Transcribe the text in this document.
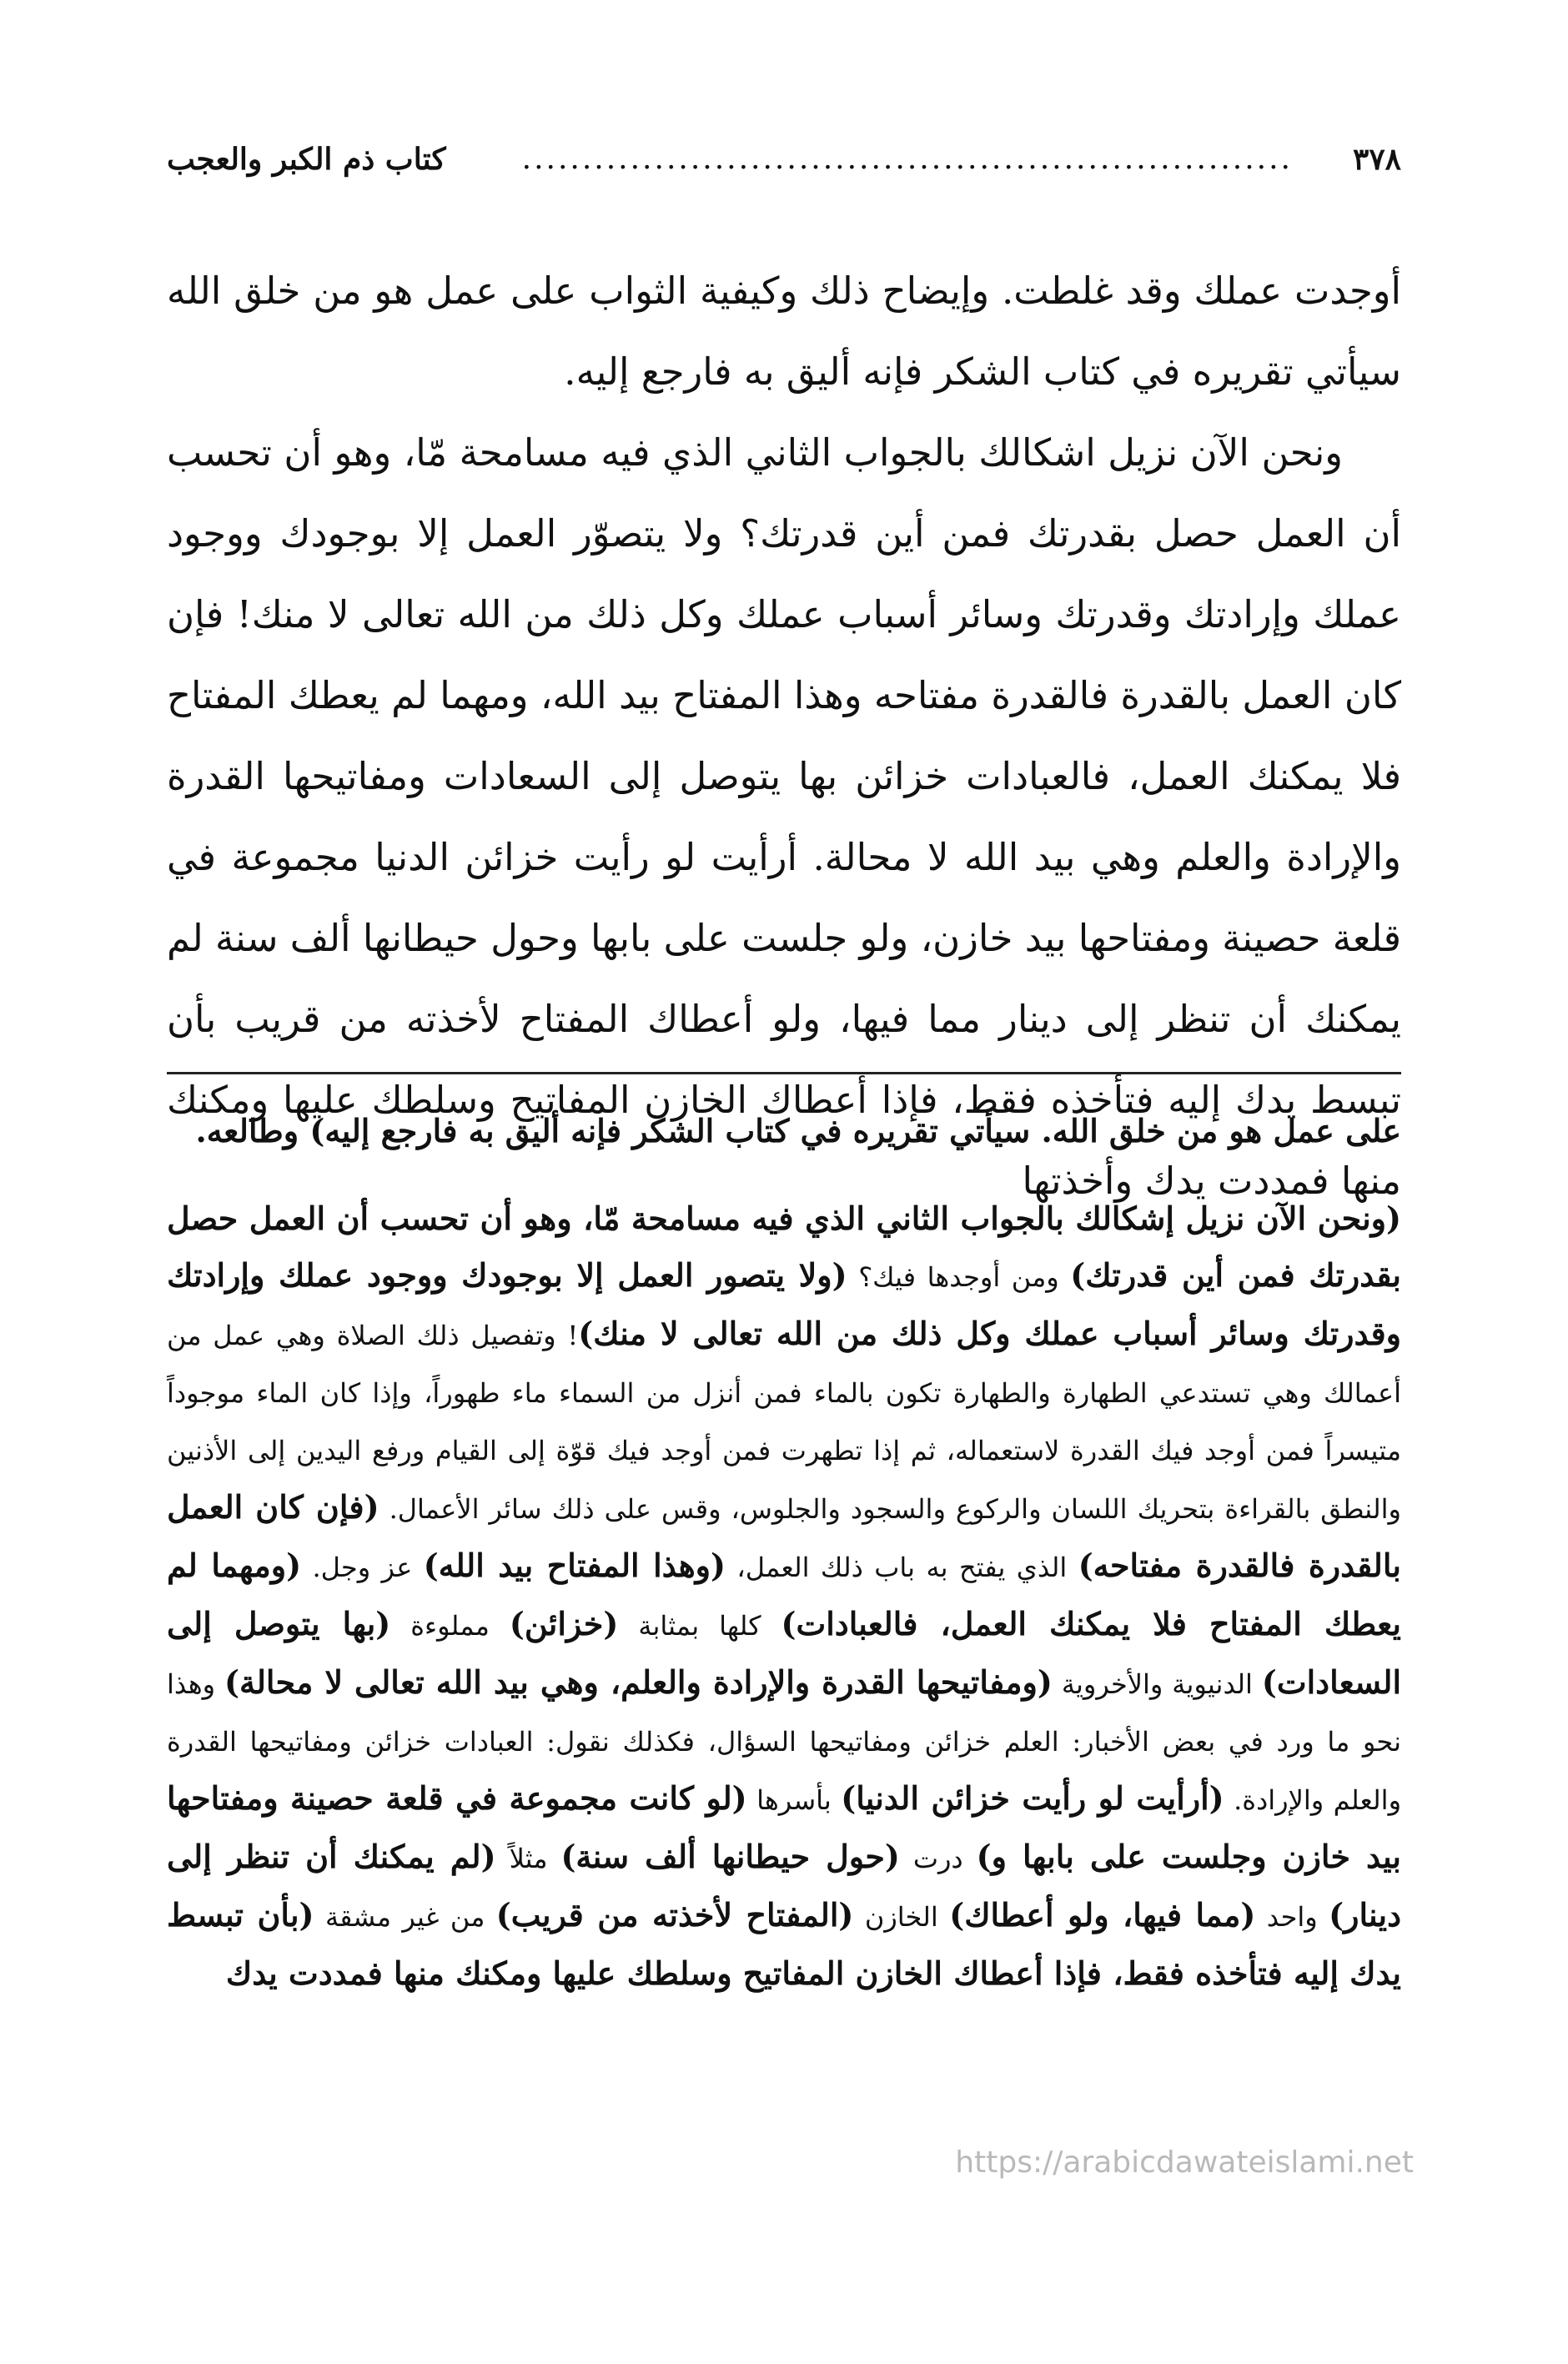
٣٧٨
................................................................
كتاب ذم الكبر والعجب

أوجدت عملك وقد غلطت. وإيضاح ذلك وكيفية الثواب على عمل هو من خلق الله سيأتي تقريره في كتاب الشكر فإنه أليق به فارجع إليه.

ونحن الآن نزيل اشكالك بالجواب الثاني الذي فيه مسامحة مّا، وهو أن تحسب أن العمل حصل بقدرتك فمن أين قدرتك؟ ولا يتصوّر العمل إلا بوجودك ووجود عملك وإرادتك وقدرتك وسائر أسباب عملك وكل ذلك من الله تعالى لا منك! فإن كان العمل بالقدرة فالقدرة مفتاحه وهذا المفتاح بيد الله، ومهما لم يعطك المفتاح فلا يمكنك العمل، فالعبادات خزائن بها يتوصل إلى السعادات ومفاتيحها القدرة والإرادة والعلم وهي بيد الله لا محالة. أرأيت لو رأيت خزائن الدنيا مجموعة في قلعة حصينة ومفتاحها بيد خازن، ولو جلست على بابها وحول حيطانها ألف سنة لم يمكنك أن تنظر إلى دينار مما فيها، ولو أعطاك المفتاح لأخذته من قريب بأن تبسط يدك إليه فتأخذه فقط، فإذا أعطاك الخازن المفاتيح وسلطك عليها ومكنك منها فمددت يدك وأخذتها

على عمل هو من خلق الله. سيأتي تقريره في كتاب الشكر فإنه أليق به فارجع إليه) وطالعه.

(ونحن الآن نزيل إشكالك بالجواب الثاني الذي فيه مسامحة مّا، وهو أن تحسب أن العمل حصل بقدرتك فمن أين قدرتك) ومن أوجدها فيك؟ (ولا يتصور العمل إلا بوجودك ووجود عملك وإرادتك وقدرتك وسائر أسباب عملك وكل ذلك من الله تعالى لا منك)! وتفصيل ذلك الصلاة وهي عمل من أعمالك وهي تستدعي الطهارة والطهارة تكون بالماء فمن أنزل من السماء ماء طهوراً، وإذا كان الماء موجوداً متيسراً فمن أوجد فيك القدرة لاستعماله، ثم إذا تطهرت فمن أوجد فيك قوّة إلى القيام ورفع اليدين إلى الأذنين والنطق بالقراءة بتحريك اللسان والركوع والسجود والجلوس، وقس على ذلك سائر الأعمال. (فإن كان العمل بالقدرة فالقدرة مفتاحه) الذي يفتح به باب ذلك العمل، (وهذا المفتاح بيد الله) عز وجل. (ومهما لم يعطك المفتاح فلا يمكنك العمل، فالعبادات) كلها بمثابة (خزائن) مملوءة (بها يتوصل إلى السعادات) الدنيوية والأخروية (ومفاتيحها القدرة والإرادة والعلم، وهي بيد الله تعالى لا محالة) وهذا نحو ما ورد في بعض الأخبار: العلم خزائن ومفاتيحها السؤال، فكذلك نقول: العبادات خزائن ومفاتيحها القدرة والعلم والإرادة. (أرأيت لو رأيت خزائن الدنيا) بأسرها (لو كانت مجموعة في قلعة حصينة ومفتاحها بيد خازن وجلست على بابها و) درت (حول حيطانها ألف سنة) مثلاً (لم يمكنك أن تنظر إلى دينار) واحد (مما فيها، ولو أعطاك) الخازن (المفتاح لأخذته من قريب) من غير مشقة (بأن تبسط يدك إليه فتأخذه فقط، فإذا أعطاك الخازن المفاتيح وسلطك عليها ومكنك منها فمددت يدك

https://arabicdawateislami.net
